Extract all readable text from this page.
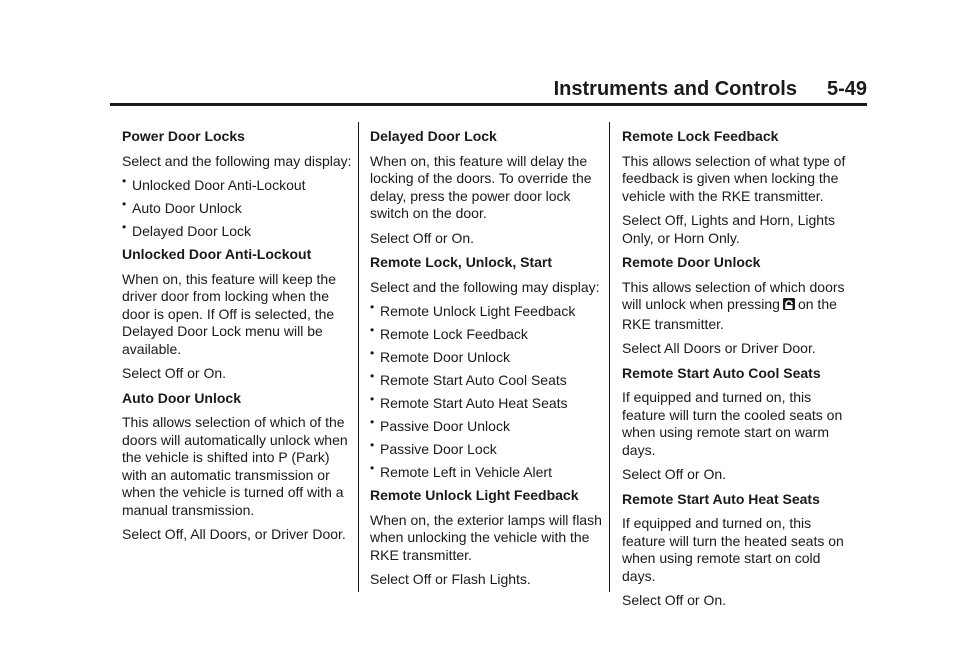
Instruments and Controls 5-49
Power Door Locks

Select and the following may display:

• Unlocked Door Anti-Lockout
• Auto Door Unlock
• Delayed Door Lock
Unlocked Door Anti-Lockout

When on, this feature will keep the driver door from locking when the door is open. If Off is selected, the Delayed Door Lock menu will be available.

Select Off or On.

Auto Door Unlock

This allows selection of which of the doors will automatically unlock when the vehicle is shifted into P (Park) with an automatic transmission or when the vehicle is turned off with a manual transmission.

Select Off, All Doors, or Driver Door.

Delayed Door Lock

When on, this feature will delay the locking of the doors. To override the delay, press the power door lock switch on the door.

Select Off or On.

Remote Lock, Unlock, Start

Select and the following may display:

• Remote Unlock Light Feedback
• Remote Lock Feedback
• Remote Door Unlock
• Remote Start Auto Cool Seats
• Remote Start Auto Heat Seats
• Passive Door Unlock
• Passive Door Lock
• Remote Left in Vehicle Alert
Remote Unlock Light Feedback

When on, the exterior lamps will flash when unlocking the vehicle with the RKE transmitter.

Select Off or Flash Lights.

Remote Lock Feedback

This allows selection of what type of feedback is given when locking the vehicle with the RKE transmitter.

Select Off, Lights and Horn, Lights Only, or Horn Only.

Remote Door Unlock

This allows selection of which doors will unlock when pressing on the RKE transmitter.

Select All Doors or Driver Door.

Remote Start Auto Cool Seats

If equipped and turned on, this feature will turn the cooled seats on when using remote start on warm days.

Select Off or On.

Remote Start Auto Heat Seats

If equipped and turned on, this feature will turn the heated seats on when using remote start on cold days.

Select Off or On.
